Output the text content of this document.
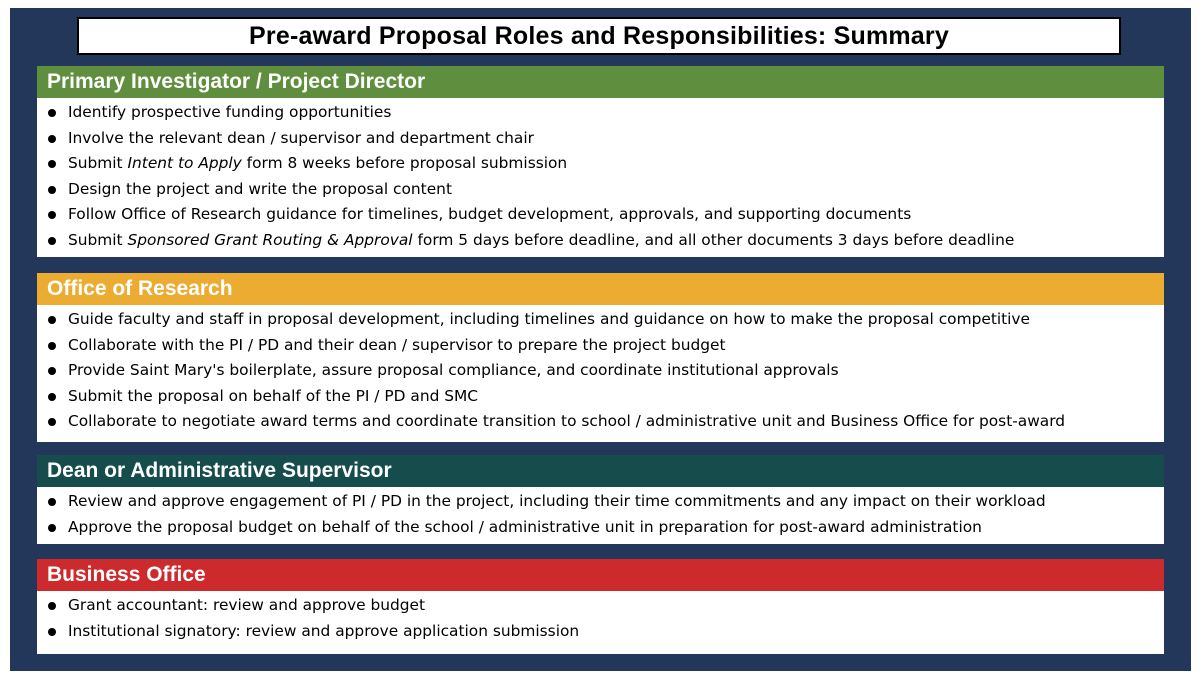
Pre-award Proposal Roles and Responsibilities: Summary
Primary Investigator / Project Director
Identify prospective funding opportunities
Involve the relevant dean / supervisor and department chair
Submit Intent to Apply form 8 weeks before proposal submission
Design the project and write the proposal content
Follow Office of Research guidance for timelines, budget development, approvals, and supporting documents
Submit Sponsored Grant Routing & Approval form 5 days before deadline, and all other documents 3 days before deadline
Office of Research
Guide faculty and staff in proposal development, including timelines and guidance on how to make the proposal competitive
Collaborate with the PI / PD and their dean / supervisor to prepare the project budget
Provide Saint Mary's boilerplate, assure proposal compliance, and coordinate institutional approvals
Submit the proposal on behalf of the PI / PD and SMC
Collaborate to negotiate award terms and coordinate transition to school / administrative unit and Business Office for post-award
Dean or Administrative Supervisor
Review and approve engagement of PI / PD in the project, including their time commitments and any impact on their workload
Approve the proposal budget on behalf of the school / administrative unit in preparation for post-award administration
Business Office
Grant accountant: review and approve budget
Institutional signatory: review and approve application submission
